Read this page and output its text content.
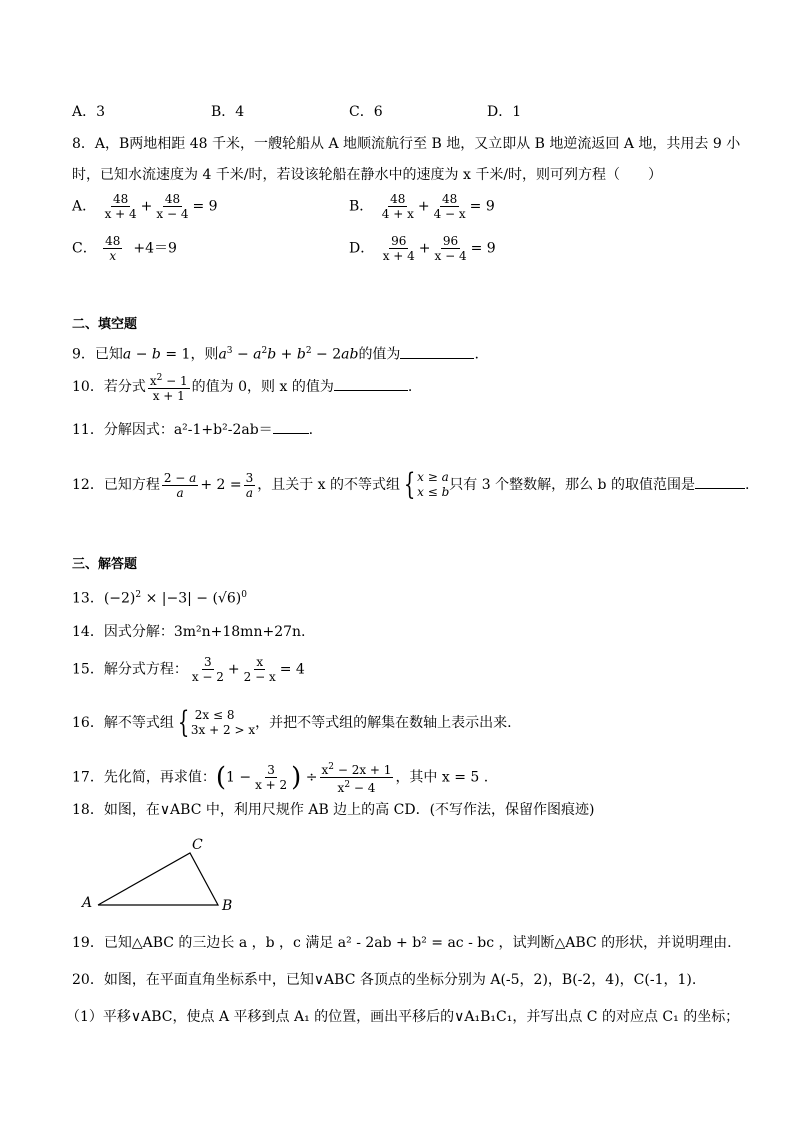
A．3	B．4	C．6	D．1
8．A，B两地相距 48 千米，一艘轮船从 A 地顺流航行至 B 地，又立即从 B 地逆流返回 A 地，共用去 9 小
时，已知水流速度为 4 千米/时，若设该轮船在静水中的速度为 x 千米/时，则可列方程（　　）
A． $\frac{48}{x + 4} + \frac{48}{x - 4} = 9$	B． $\frac{48}{4 + x} + \frac{48}{4 - x} = 9$
C． $\frac{48}{x} +4=9$	D． $\frac{96}{x + 4} + \frac{96}{x - 4} = 9$
二、填空题
9．已知a − b = 1，则$a^3 - a^2b + b^2 - 2ab$的值为	.
10．若分式 $\frac{x^2 - 1}{x + 1}$ 的值为 0，则 x 的值为	.
11．分解因式：a²-1+b²-2ab＝	.
12．已知方程 $\frac{2 - a}{a} + 2 = \frac{3}{a}$ ，且关于 x 的不等式组 { x ≥ a
x ≤ b 只有 3 个整数解，那么 b 的取值范围是	.
三、解答题
13．$(-2)^2 \times |-3| - (√6)^0$
14．因式分解：3m²n+18mn+27n.
15．解分式方程： $\frac{3}{x - 2} + \frac{x}{2 - x} = 4$
16．解不等式组 { 2x ≤ 8
3x + 2 > x ，并把不等式组的解集在数轴上表示出来.
17．先化简，再求值：($1 - \frac{3}{x + 2}$ ) ÷ $\frac{x^2 - 2x + 1}{x^2 - 4}$ ，其中 x = 5 .
18．如图，在∨ABC 中，利用尺规作 AB 边上的高 CD．(不写作法，保留作图痕迹)
C
A	B
19．已知△ABC 的三边长 a ，b ，c 满足 a² - 2ab + b² = ac - bc ，试判断△ABC 的形状，并说明理由.
20．如图，在平面直角坐标系中，已知∨ABC 各顶点的坐标分别为 A(-5，2)，B(-2，4)，C(-1，1).
（1）平移∨ABC，使点 A 平移到点 A₁ 的位置，画出平移后的∨A₁B₁C₁，并写出点 C 的对应点 C₁ 的坐标；
